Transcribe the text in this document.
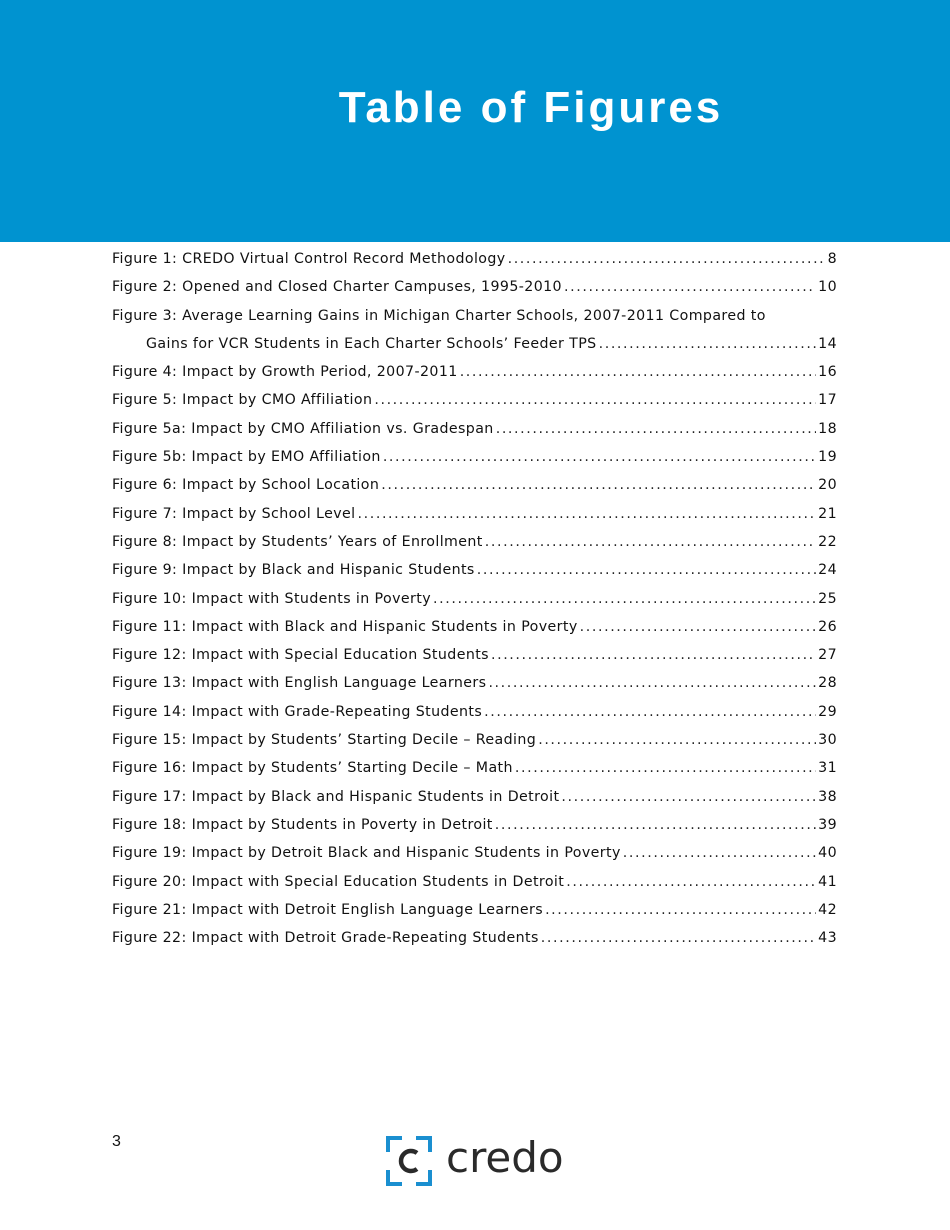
Table of Figures
Figure 1: CREDO Virtual Control Record Methodology .....	8
Figure 2: Opened and Closed Charter Campuses, 1995-2010 .....	10
Figure 3: Average Learning Gains in Michigan Charter Schools, 2007-2011 Compared to
Gains for VCR Students in Each Charter Schools’ Feeder TPS .....	14
Figure 4: Impact by Growth Period, 2007-2011 .....	16
Figure 5: Impact by CMO Affiliation .....	17
Figure 5a: Impact by CMO Affiliation vs. Gradespan .....	18
Figure 5b: Impact by EMO Affiliation .....	19
Figure 6: Impact by School Location .....	20
Figure 7: Impact by School Level .....	21
Figure 8: Impact by Students’ Years of Enrollment .....	22
Figure 9: Impact by Black and Hispanic Students .....	24
Figure 10: Impact with Students in Poverty .....	25
Figure 11: Impact with Black and Hispanic Students in Poverty .....	26
Figure 12: Impact with Special Education Students .....	27
Figure 13: Impact with English Language Learners .....	28
Figure 14: Impact with Grade-Repeating Students .....	29
Figure 15: Impact by Students’ Starting Decile – Reading .....	30
Figure 16: Impact by Students’ Starting Decile – Math .....	31
Figure 17: Impact by Black and Hispanic Students in Detroit .....	38
Figure 18: Impact by Students in Poverty in Detroit .....	39
Figure 19: Impact by Detroit Black and Hispanic Students in Poverty .....	40
Figure 20: Impact with Special Education Students in Detroit .....	41
Figure 21: Impact with Detroit English Language Learners .....	42
Figure 22: Impact with Detroit Grade-Repeating Students .....	43
3	credo
